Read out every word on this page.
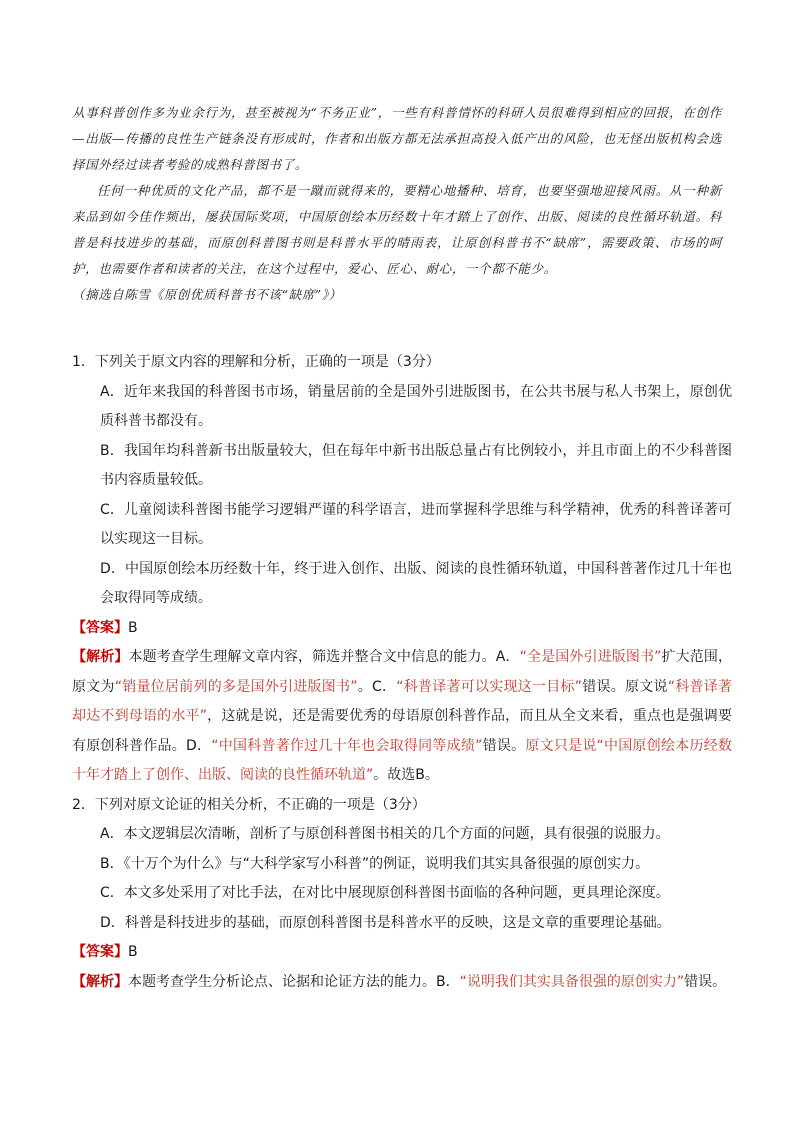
从事科普创作多为业余行为，甚至被视为“不务正业”，一些有科普情怀的科研人员很难得到相应的回报，在创作—出版—传播的良性生产链条没有形成时，作者和出版方都无法承担高投入低产出的风险，也无怪出版机构会选择国外经过读者考验的成熟科普图书了。

任何一种优质的文化产品，都不是一蹴而就得来的，要精心地播种、培育，也要坚强地迎接风雨。从一种新来品到如今佳作频出，屡获国际奖项，中国原创绘本历经数十年才踏上了创作、出版、阅读的良性循环轨道。科普是科技进步的基础，而原创科普图书则是科普水平的晴雨表，让原创科普书不“缺席”，需要政策、市场的呵护，也需要作者和读者的关注，在这个过程中，爱心、匠心、耐心，一个都不能少。

（摘选自陈雪《原创优质科普书不该“缺席”》）

1．下列关于原文内容的理解和分析，正确的一项是（3分）

A．近年来我国的科普图书市场，销量居前的全是国外引进版图书，在公共书展与私人书架上，原创优质科普书都没有。

B．我国年均科普新书出版量较大，但在每年中新书出版总量占有比例较小，并且市面上的不少科普图书内容质量较低。

C．儿童阅读科普图书能学习逻辑严谨的科学语言，进而掌握科学思维与科学精神，优秀的科普译著可以实现这一目标。

D．中国原创绘本历经数十年，终于进入创作、出版、阅读的良性循环轨道，中国科普著作过几十年也会取得同等成绩。

【答案】B

【解析】本题考查学生理解文章内容，筛选并整合文中信息的能力。A．“全是国外引进版图书”扩大范围，原文为“销量位居前列的多是国外引进版图书”。C．“科普译著可以实现这一目标”错误。原文说“科普译著却达不到母语的水平”，这就是说，还是需要优秀的母语原创科普作品，而且从全文来看，重点也是强调要有原创科普作品。D．“中国科普著作过几十年也会取得同等成绩”错误。原文只是说“中国原创绘本历经数十年才踏上了创作、出版、阅读的良性循环轨道”。故选B。

2．下列对原文论证的相关分析，不正确的一项是（3分）

A．本文逻辑层次清晰，剖析了与原创科普图书相关的几个方面的问题，具有很强的说服力。

B．《十万个为什么》与“大科学家写小科普”的例证，说明我们其实具备很强的原创实力。

C．本文多处采用了对比手法，在对比中展现原创科普图书面临的各种问题，更具理论深度。

D．科普是科技进步的基础，而原创科普图书是科普水平的反映，这是文章的重要理论基础。

【答案】B

【解析】本题考查学生分析论点、论据和论证方法的能力。B．“说明我们其实具备很强的原创实力”错误。
